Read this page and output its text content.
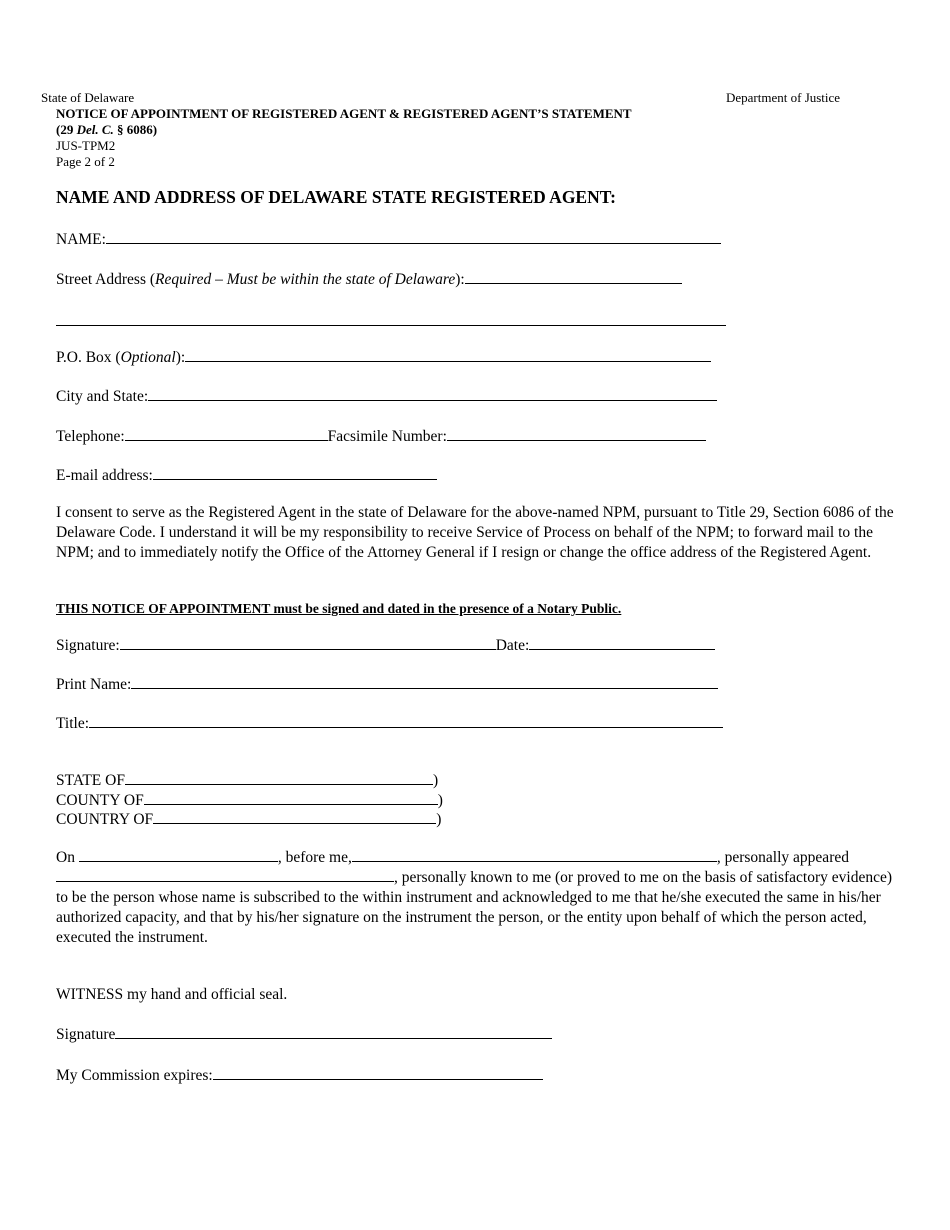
State of Delaware	Department of Justice
NOTICE OF APPOINTMENT OF REGISTERED AGENT & REGISTERED AGENT’S STATEMENT
(29 Del. C. § 6086)
JUS-TPM2
Page 2 of 2
NAME AND ADDRESS OF DELAWARE STATE REGISTERED AGENT:
NAME:
Street Address (Required – Must be within the state of Delaware):
P.O. Box (Optional):
City and State:
Telephone:	Facsimile Number:
E-mail address:
I consent to serve as the Registered Agent in the state of Delaware for the above-named NPM, pursuant to Title 29, Section 6086 of the Delaware Code. I understand it will be my responsibility to receive Service of Process on behalf of the NPM; to forward mail to the NPM; and to immediately notify the Office of the Attorney General if I resign or change the office address of the Registered Agent.
THIS NOTICE OF APPOINTMENT must be signed and dated in the presence of a Notary Public.
Signature:	Date:
Print Name:
Title:
STATE OF	)
COUNTY OF	)
COUNTRY OF	)
On	, before me,	, personally appeared
, personally known to me (or proved to me on the basis of satisfactory evidence) to be the person whose name is subscribed to the within instrument and acknowledged to me that he/she executed the same in his/her authorized capacity, and that by his/her signature on the instrument the person, or the entity upon behalf of which the person acted, executed the instrument.
WITNESS my hand and official seal.
Signature
My Commission expires:
